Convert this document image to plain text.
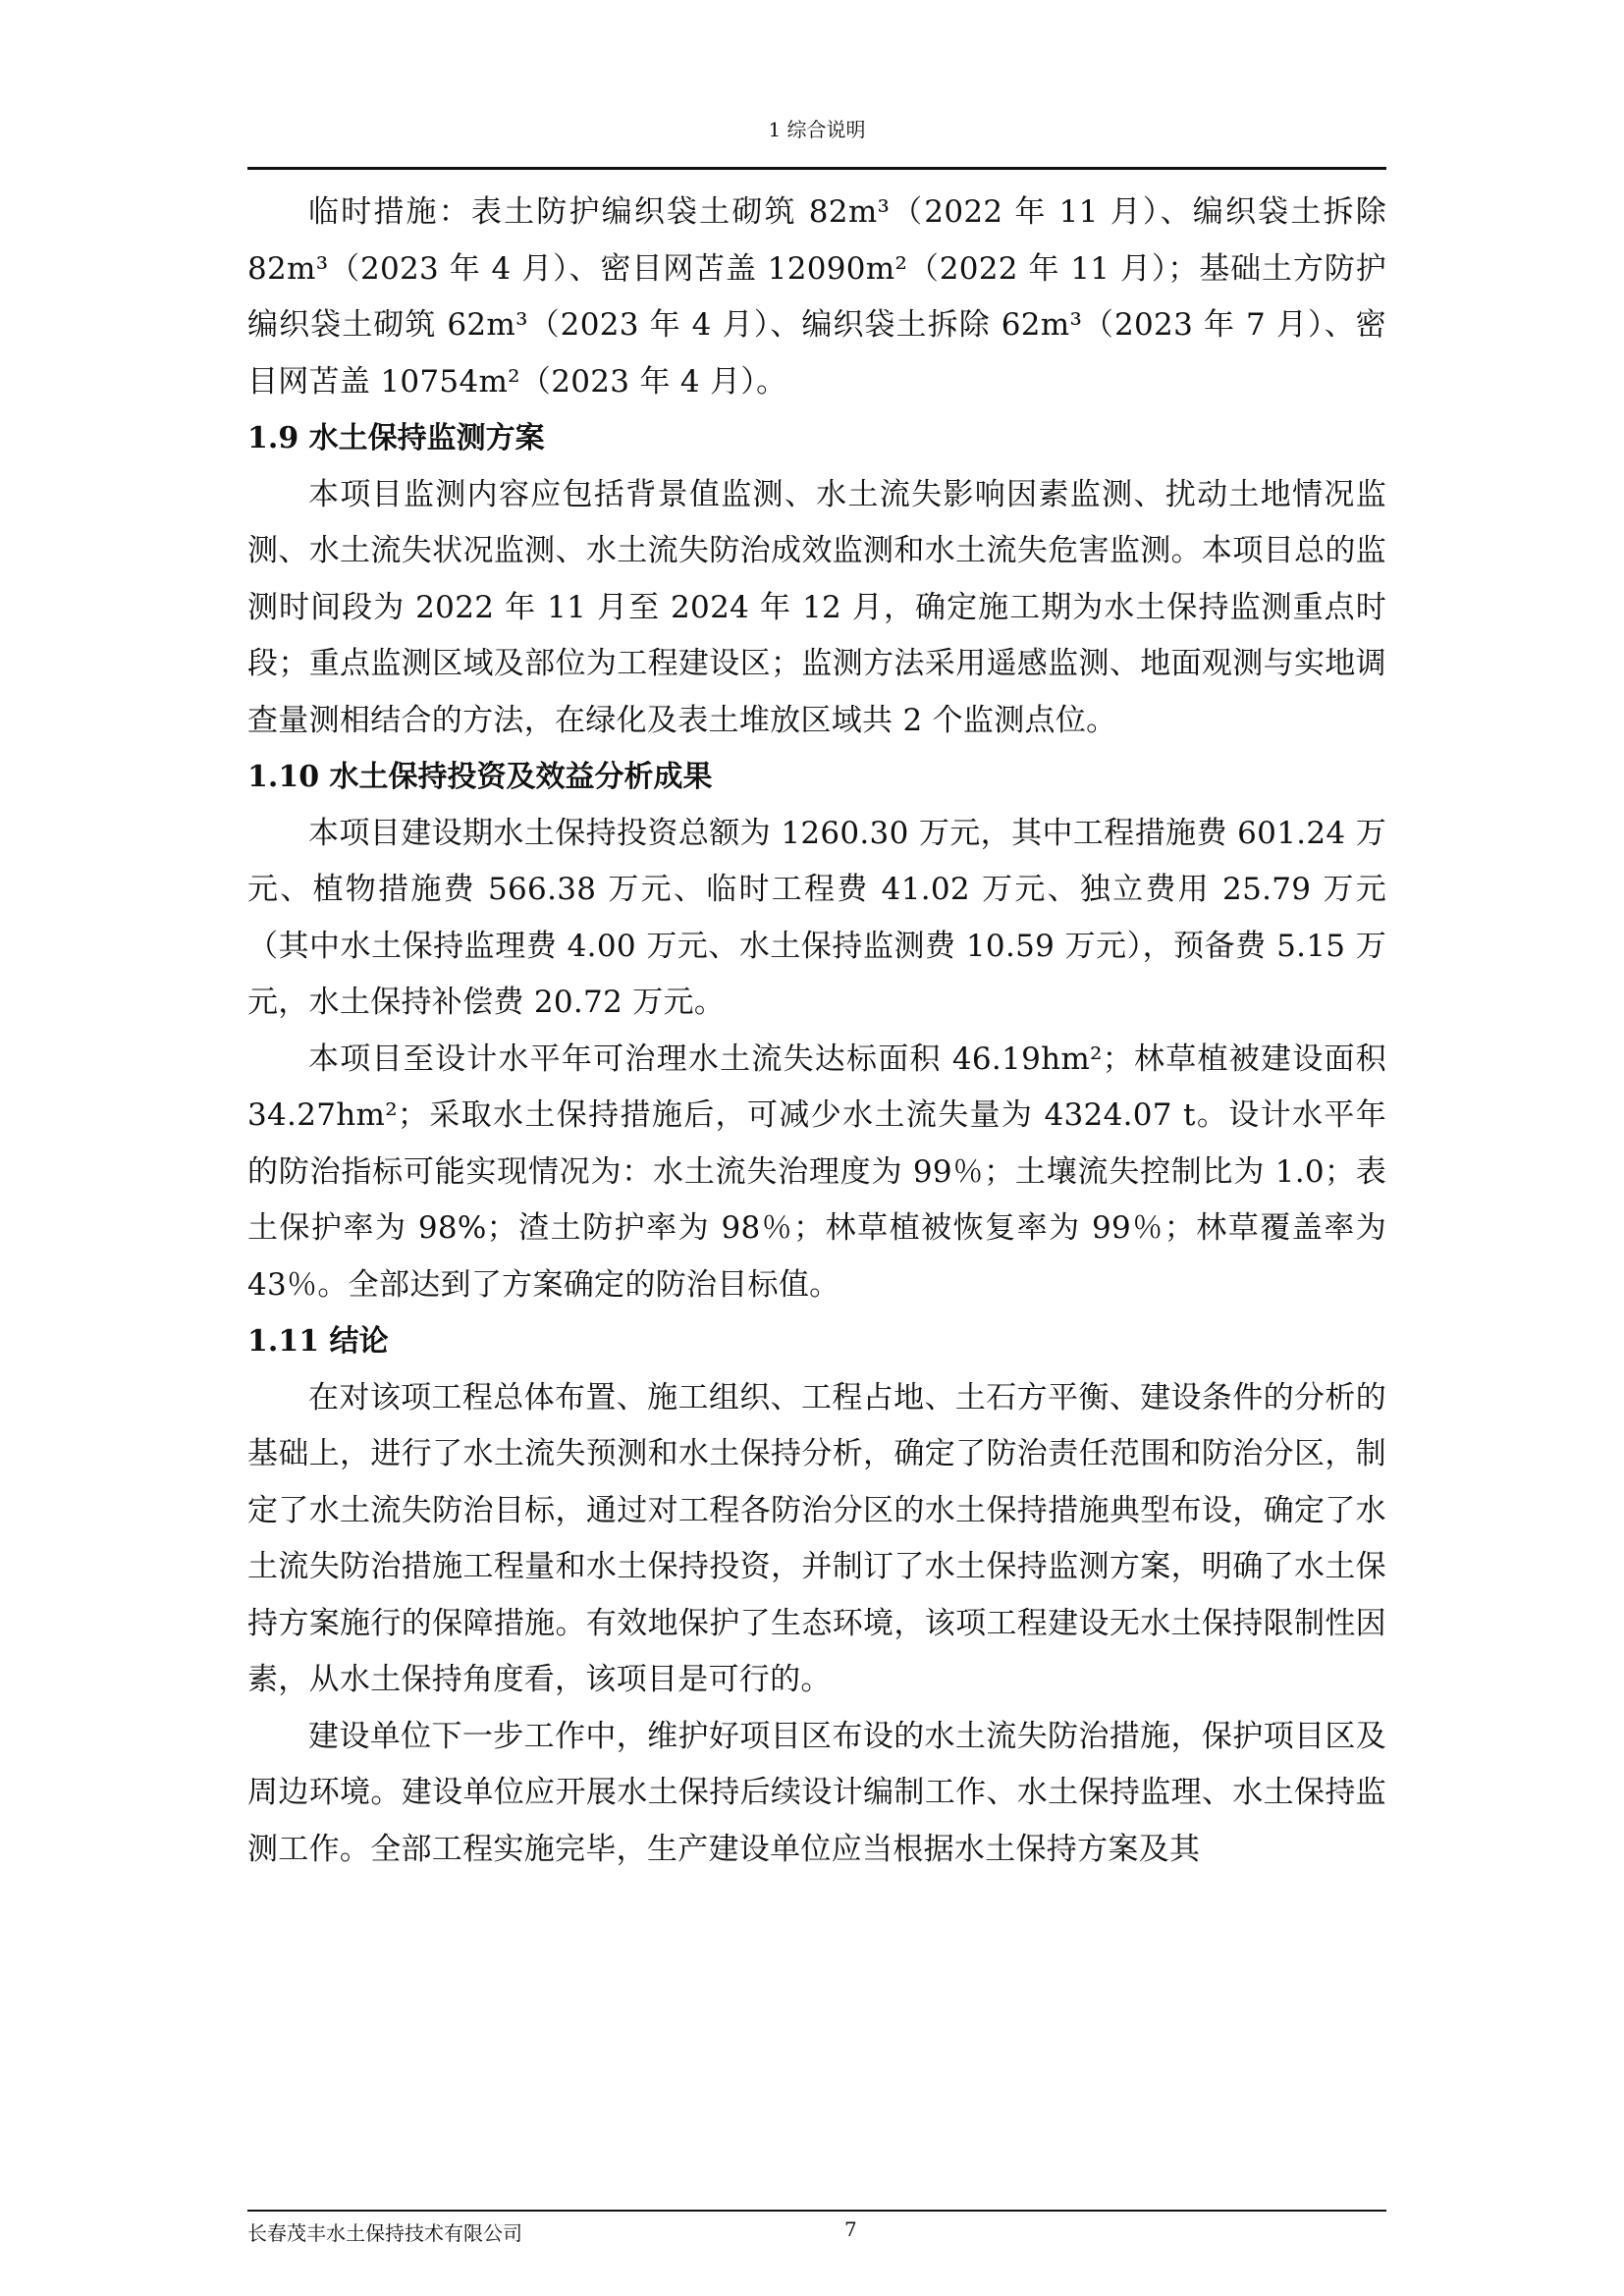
1 综合说明

临时措施：表土防护编织袋土砌筑 82m³（2022 年 11 月）、编织袋土拆除 82m³（2023 年 4 月）、密目网苫盖 12090m²（2022 年 11 月）；基础土方防护编织袋土砌筑 62m³（2023 年 4 月）、编织袋土拆除 62m³（2023 年 7 月）、密目网苫盖 10754m²（2023 年 4 月）。

1.9 水土保持监测方案

本项目监测内容应包括背景值监测、水土流失影响因素监测、扰动土地情况监测、水土流失状况监测、水土流失防治成效监测和水土流失危害监测。本项目总的监测时间段为 2022 年 11 月至 2024 年 12 月，确定施工期为水土保持监测重点时段；重点监测区域及部位为工程建设区；监测方法采用遥感监测、地面观测与实地调查量测相结合的方法，在绿化及表土堆放区域共 2 个监测点位。

1.10 水土保持投资及效益分析成果

本项目建设期水土保持投资总额为 1260.30 万元，其中工程措施费 601.24 万元、植物措施费 566.38 万元、临时工程费 41.02 万元、独立费用 25.79 万元（其中水土保持监理费 4.00 万元、水土保持监测费 10.59 万元），预备费 5.15 万元，水土保持补偿费 20.72 万元。

本项目至设计水平年可治理水土流失达标面积 46.19hm²；林草植被建设面积 34.27hm²；采取水土保持措施后，可减少水土流失量为 4324.07 t。设计水平年的防治指标可能实现情况为：水土流失治理度为 99％；土壤流失控制比为 1.0；表土保护率为 98%；渣土防护率为 98％；林草植被恢复率为 99％；林草覆盖率为 43％。全部达到了方案确定的防治目标值。

1.11 结论

在对该项工程总体布置、施工组织、工程占地、土石方平衡、建设条件的分析的基础上，进行了水土流失预测和水土保持分析，确定了防治责任范围和防治分区，制定了水土流失防治目标，通过对工程各防治分区的水土保持措施典型布设，确定了水土流失防治措施工程量和水土保持投资，并制订了水土保持监测方案，明确了水土保持方案施行的保障措施。有效地保护了生态环境，该项工程建设无水土保持限制性因素，从水土保持角度看，该项目是可行的。

建设单位下一步工作中，维护好项目区布设的水土流失防治措施，保护项目区及周边环境。建设单位应开展水土保持后续设计编制工作、水土保持监理、水土保持监测工作。全部工程实施完毕，生产建设单位应当根据水土保持方案及其

长春茂丰水土保持技术有限公司	7
